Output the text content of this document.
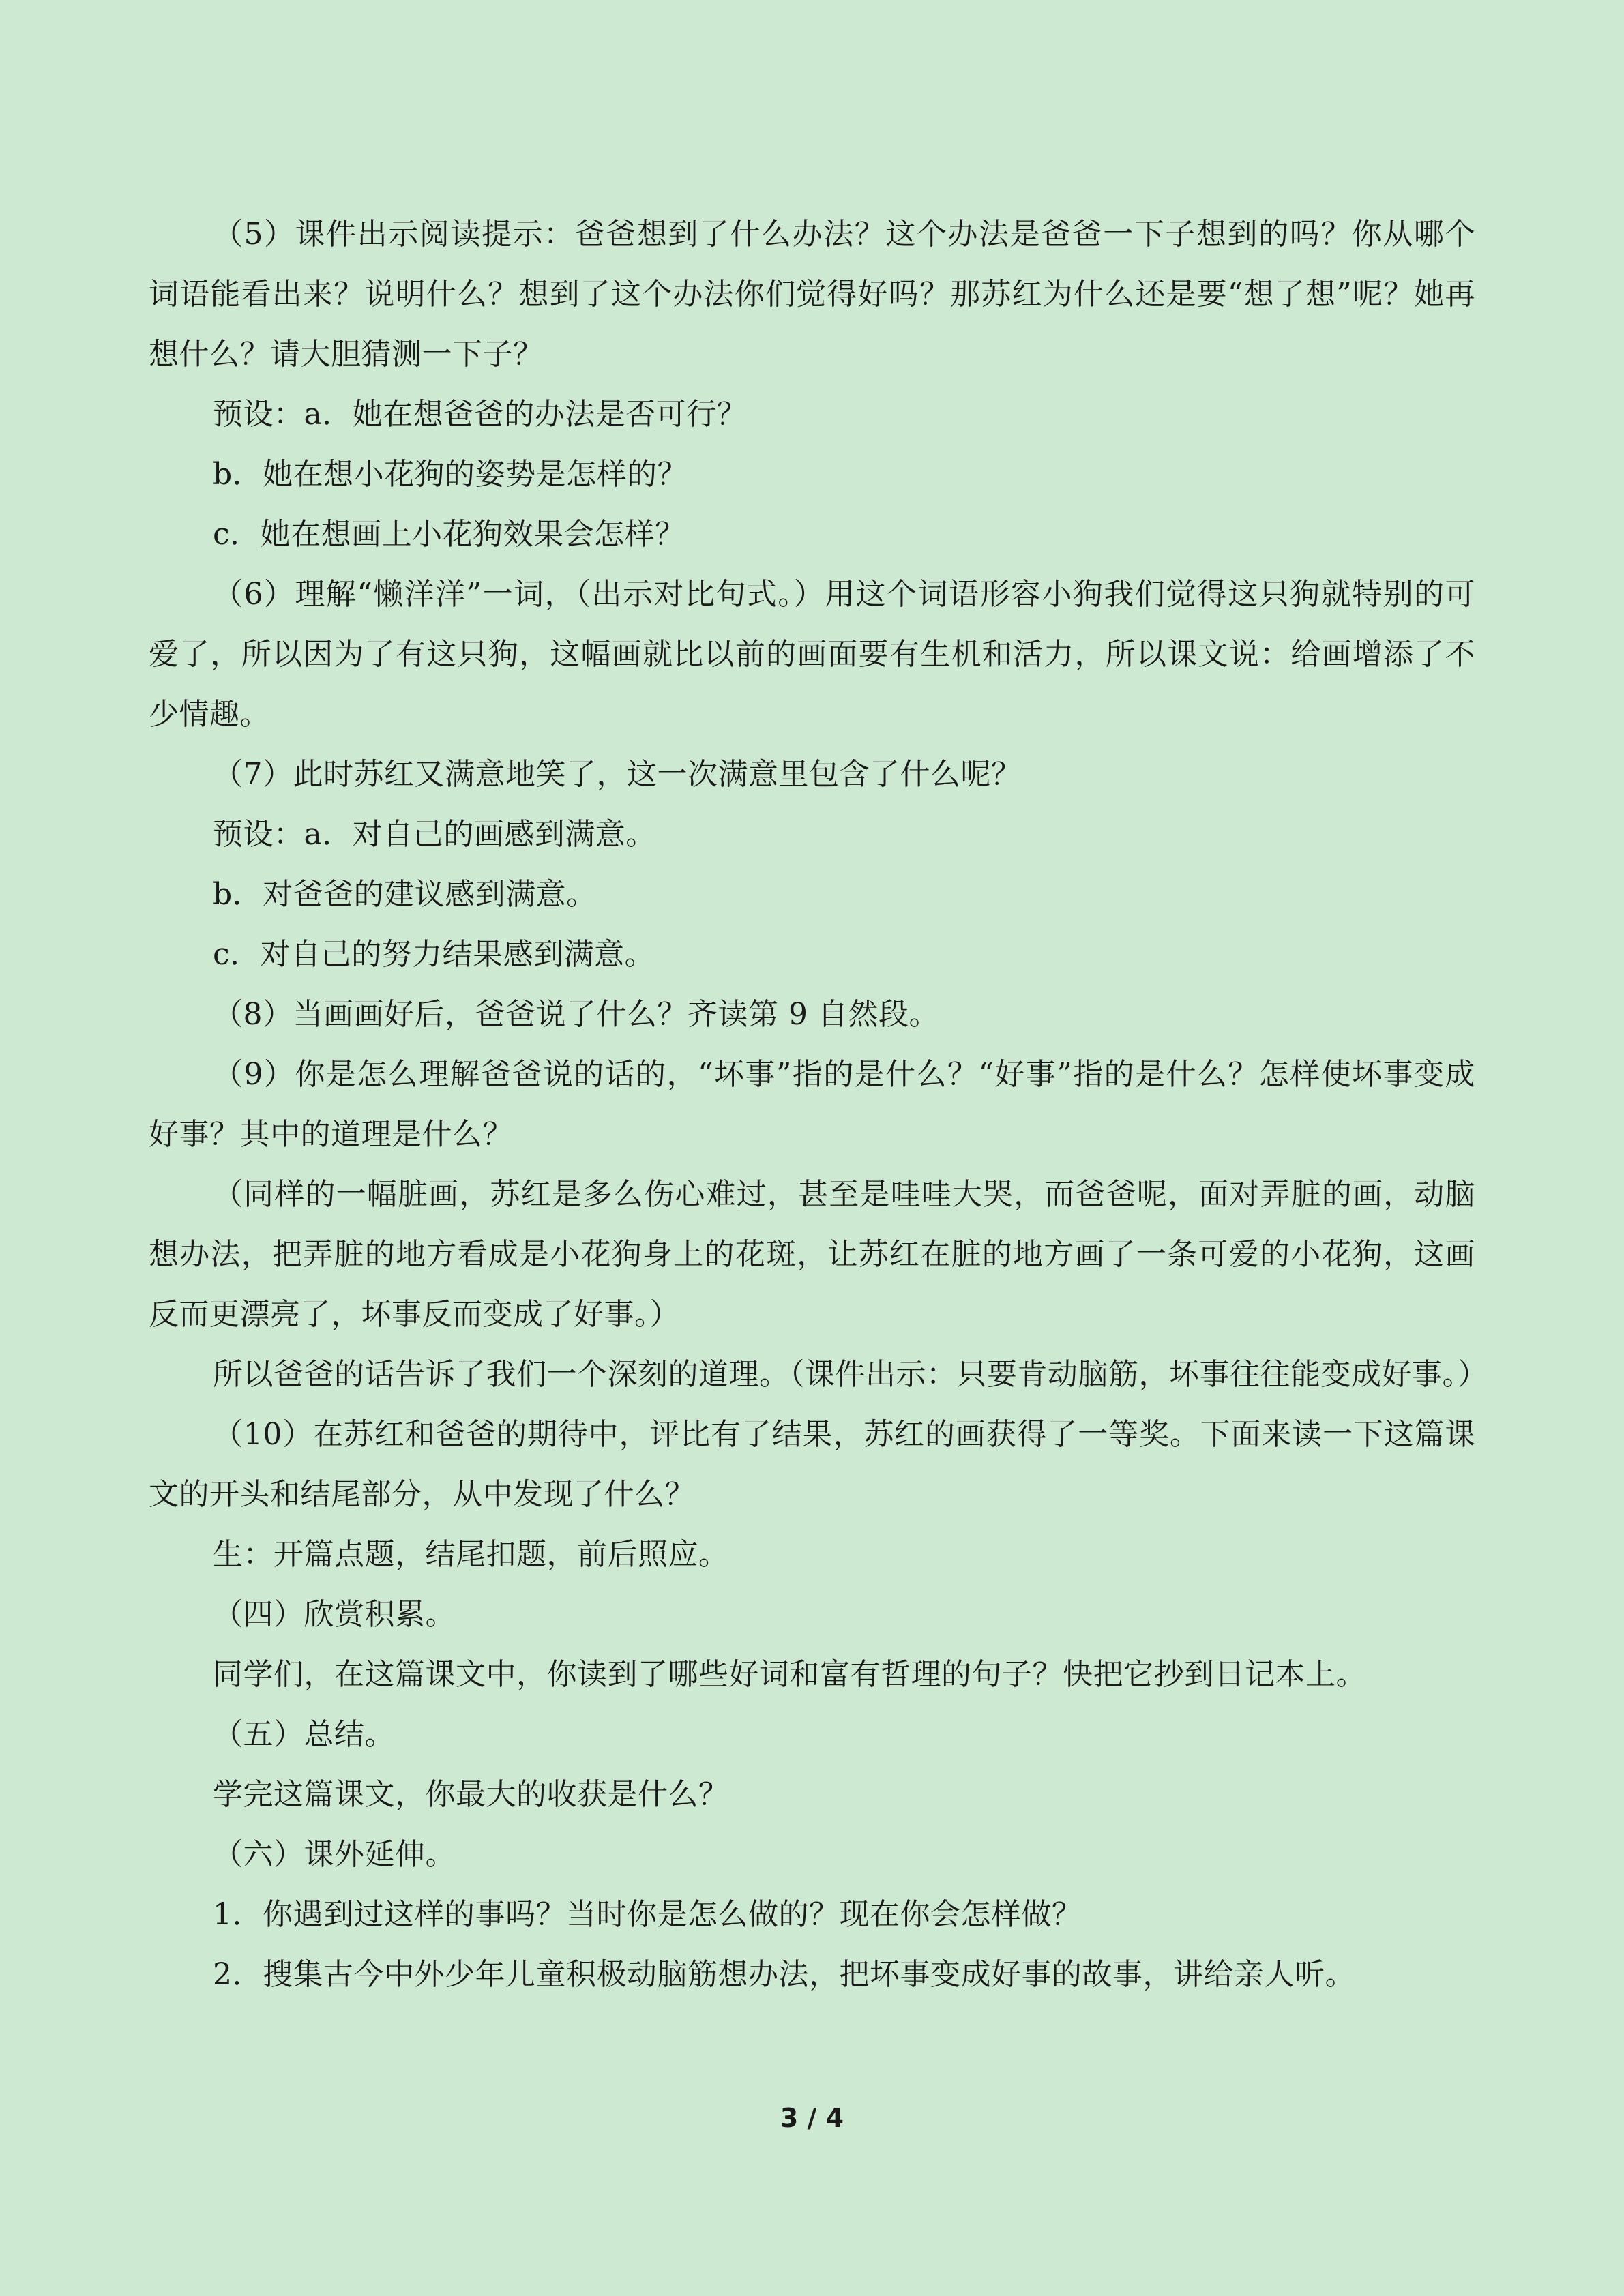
（5）课件出示阅读提示：爸爸想到了什么办法？这个办法是爸爸一下子想到的吗？你从哪个词语能看出来？说明什么？想到了这个办法你们觉得好吗？那苏红为什么还是要“想了想”呢？她再想什么？请大胆猜测一下子？

预设：a．她在想爸爸的办法是否可行？

b．她在想小花狗的姿势是怎样的？

c．她在想画上小花狗效果会怎样？

（6）理解“懒洋洋”一词，（出示对比句式。）用这个词语形容小狗我们觉得这只狗就特别的可爱了，所以因为了有这只狗，这幅画就比以前的画面要有生机和活力，所以课文说：给画增添了不少情趣。

（7）此时苏红又满意地笑了，这一次满意里包含了什么呢？

预设：a．对自己的画感到满意。

b．对爸爸的建议感到满意。

c．对自己的努力结果感到满意。

（8）当画画好后，爸爸说了什么？齐读第 9 自然段。

（9）你是怎么理解爸爸说的话的，“坏事”指的是什么？“好事”指的是什么？怎样使坏事变成好事？其中的道理是什么？

（同样的一幅脏画，苏红是多么伤心难过，甚至是哇哇大哭，而爸爸呢，面对弄脏的画，动脑想办法，把弄脏的地方看成是小花狗身上的花斑，让苏红在脏的地方画了一条可爱的小花狗，这画反而更漂亮了，坏事反而变成了好事。）

所以爸爸的话告诉了我们一个深刻的道理。（课件出示：只要肯动脑筋，坏事往往能变成好事。）

（10）在苏红和爸爸的期待中，评比有了结果，苏红的画获得了一等奖。下面来读一下这篇课文的开头和结尾部分，从中发现了什么？

生：开篇点题，结尾扣题，前后照应。

（四）欣赏积累。

同学们，在这篇课文中，你读到了哪些好词和富有哲理的句子？快把它抄到日记本上。

（五）总结。

学完这篇课文，你最大的收获是什么？

（六）课外延伸。

1．你遇到过这样的事吗？当时你是怎么做的？现在你会怎样做？

2．搜集古今中外少年儿童积极动脑筋想办法，把坏事变成好事的故事，讲给亲人听。

3 / 4
